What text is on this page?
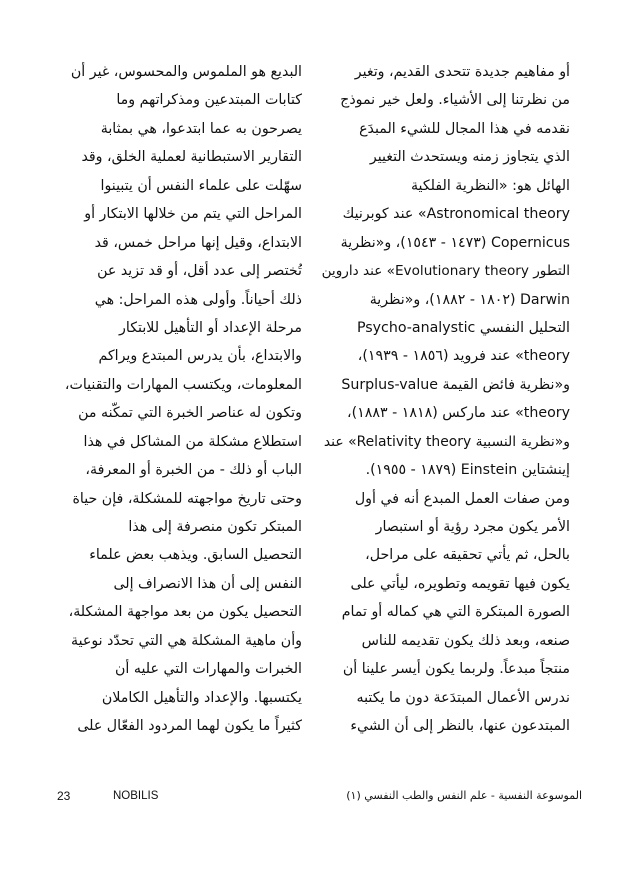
أو مفاهيم جديدة تتحدى القديم، وتغير
من نظرتنا إلى الأشياء. ولعل خير نموذج
نقدمه في هذا المجال للشيء المبدَع
الذي يتجاوز زمنه ويستحدث التغيير
الهائل هو: «النظرية الفلكية
Astronomical theory» عند كوبرنيك
Copernicus (١٤٧٣ - ١٥٤٣)، و«نظرية
التطور Evolutionary theory» عند داروين
Darwin (١٨٠٢ - ١٨٨٢)، و«نظرية
التحليل النفسي Psycho-analystic
theory» عند فرويد (١٨٥٦ - ١٩٣٩)،
و«نظرية فائض القيمة Surplus-value
theory» عند ماركس (١٨١٨ - ١٨٨٣)،
و«نظرية النسبية Relativity theory» عند
إينشتاين Einstein (١٨٧٩ - ١٩٥٥).
ومن صفات العمل المبدع أنه في أول
الأمر يكون مجرد رؤية أو استبصار
بالحل، ثم يأتي تحقيقه على مراحل،
يكون فيها تقويمه وتطويره، ليأتي على
الصورة المبتكرة التي هي كماله أو تمام
صنعه، وبعد ذلك يكون تقديمه للناس
منتجاً مبدعاً. ولربما يكون أيسر علينا أن
ندرس الأعمال المبتدَعة دون ما يكتبه
المبتدعون عنها، بالنظر إلى أن الشيء
البديع هو الملموس والمحسوس، غير أن
كتابات المبتدعين ومذكراتهم وما
يصرحون به عما ابتدعوا، هي بمثابة
التقارير الاستبطانية لعملية الخلق، وقد
سهّلت على علماء النفس أن يتبينوا
المراحل التي يتم من خلالها الابتكار أو
الابتداع، وقيل إنها مراحل خمس، قد
تُختصر إلى عدد أقل، أو قد تزيد عن
ذلك أحياناً. وأولى هذه المراحل: هي
مرحلة الإعداد أو التأهيل للابتكار
والابتداع، بأن يدرس المبتدع ويراكم
المعلومات، ويكتسب المهارات والتقنيات،
وتكون له عناصر الخبرة التي تمكّنه من
استطلاع مشكلة من المشاكل في هذا
الباب أو ذلك - من الخبرة أو المعرفة،
وحتى تاريخ مواجهته للمشكلة، فإن حياة
المبتكر تكون منصرفة إلى هذا
التحصيل السابق. ويذهب بعض علماء
النفس إلى أن هذا الانصراف إلى
التحصيل يكون من بعد مواجهة المشكلة،
وأن ماهية المشكلة هي التي تحدّد نوعية
الخبرات والمهارات التي عليه أن
يكتسبها. والإعداد والتأهيل الكاملان
كثيراً ما يكون لهما المردود الفعّال على
23	NOBILIS	الموسوعة النفسية - علم النفس والطب النفسي (١)
